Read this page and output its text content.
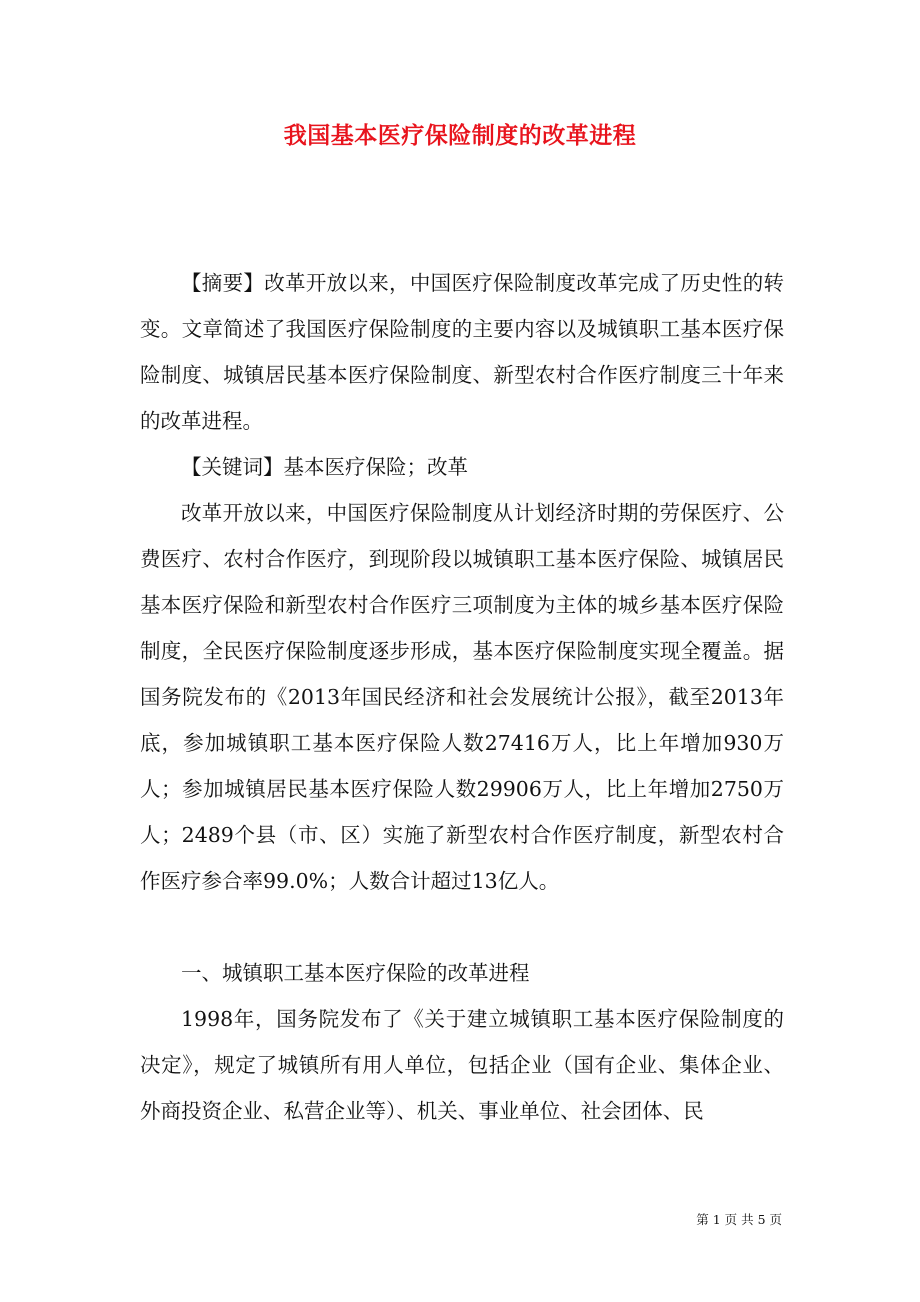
我国基本医疗保险制度的改革进程

【摘要】改革开放以来，中国医疗保险制度改革完成了历史性的转变。文章简述了我国医疗保险制度的主要内容以及城镇职工基本医疗保险制度、城镇居民基本医疗保险制度、新型农村合作医疗制度三十年来的改革进程。

【关键词】基本医疗保险；改革

改革开放以来，中国医疗保险制度从计划经济时期的劳保医疗、公费医疗、农村合作医疗，到现阶段以城镇职工基本医疗保险、城镇居民基本医疗保险和新型农村合作医疗三项制度为主体的城乡基本医疗保险制度，全民医疗保险制度逐步形成，基本医疗保险制度实现全覆盖。据国务院发布的《2013年国民经济和社会发展统计公报》，截至2013年底，参加城镇职工基本医疗保险人数27416万人，比上年增加930万人；参加城镇居民基本医疗保险人数29906万人，比上年增加2750万人；2489个县（市、区）实施了新型农村合作医疗制度，新型农村合作医疗参合率99.0%；人数合计超过13亿人。

一、城镇职工基本医疗保险的改革进程

1998年，国务院发布了《关于建立城镇职工基本医疗保险制度的决定》，规定了城镇所有用人单位，包括企业（国有企业、集体企业、外商投资企业、私营企业等）、机关、事业单位、社会团体、民

第 1 页 共 5 页
